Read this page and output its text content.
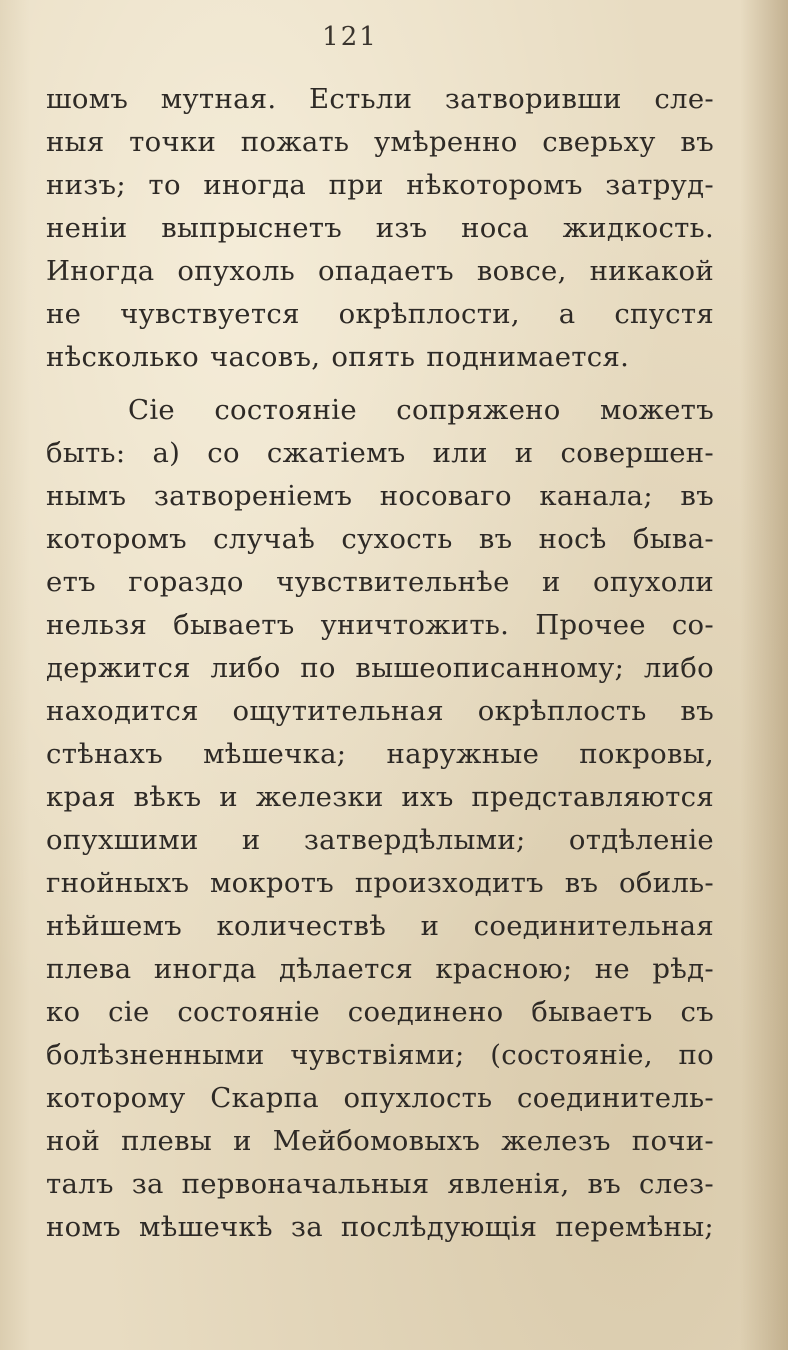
121
шомъ мутная. Естьли затворивши сле-
ныя точки пожать умѣренно сверьху въ
низъ; то иногда при нѣкоторомъ затруд-
неніи выпрыснетъ изъ носа жидкость.
Иногда опухоль опадаетъ вовсе, никакой
не чувствуется окрѣплости, а спустя
нѣсколько часовъ, опять поднимается.
Сіе состояніе сопряжено можетъ
быть: а) со сжатіемъ или и совершен-
нымъ затвореніемъ носоваго канала; въ
которомъ случаѣ сухость въ носѣ быва-
етъ гораздо чувствительнѣе и опухоли
нельзя бываетъ уничтожить. Прочее со-
держится либо по вышеописанному; либо
находится ощутительная окрѣплость въ
стѣнахъ мѣшечка; наружные покровы,
края вѣкъ и железки ихъ представляются
опухшими и затвердѣлыми; отдѣленіе
гнойныхъ мокротъ произходитъ въ обиль-
нѣйшемъ количествѣ и соединительная
плева иногда дѣлается красною; не рѣд-
ко сіе состояніе соединено бываетъ съ
болѣзненными чувствіями; (состояніе, по
которому Скарпа опухлость соединитель-
ной плевы и Мейбомовыхъ железъ почи-
талъ за первоначальныя явленія, въ слез-
номъ мѣшечкѣ за послѣдующія перемѣны;
